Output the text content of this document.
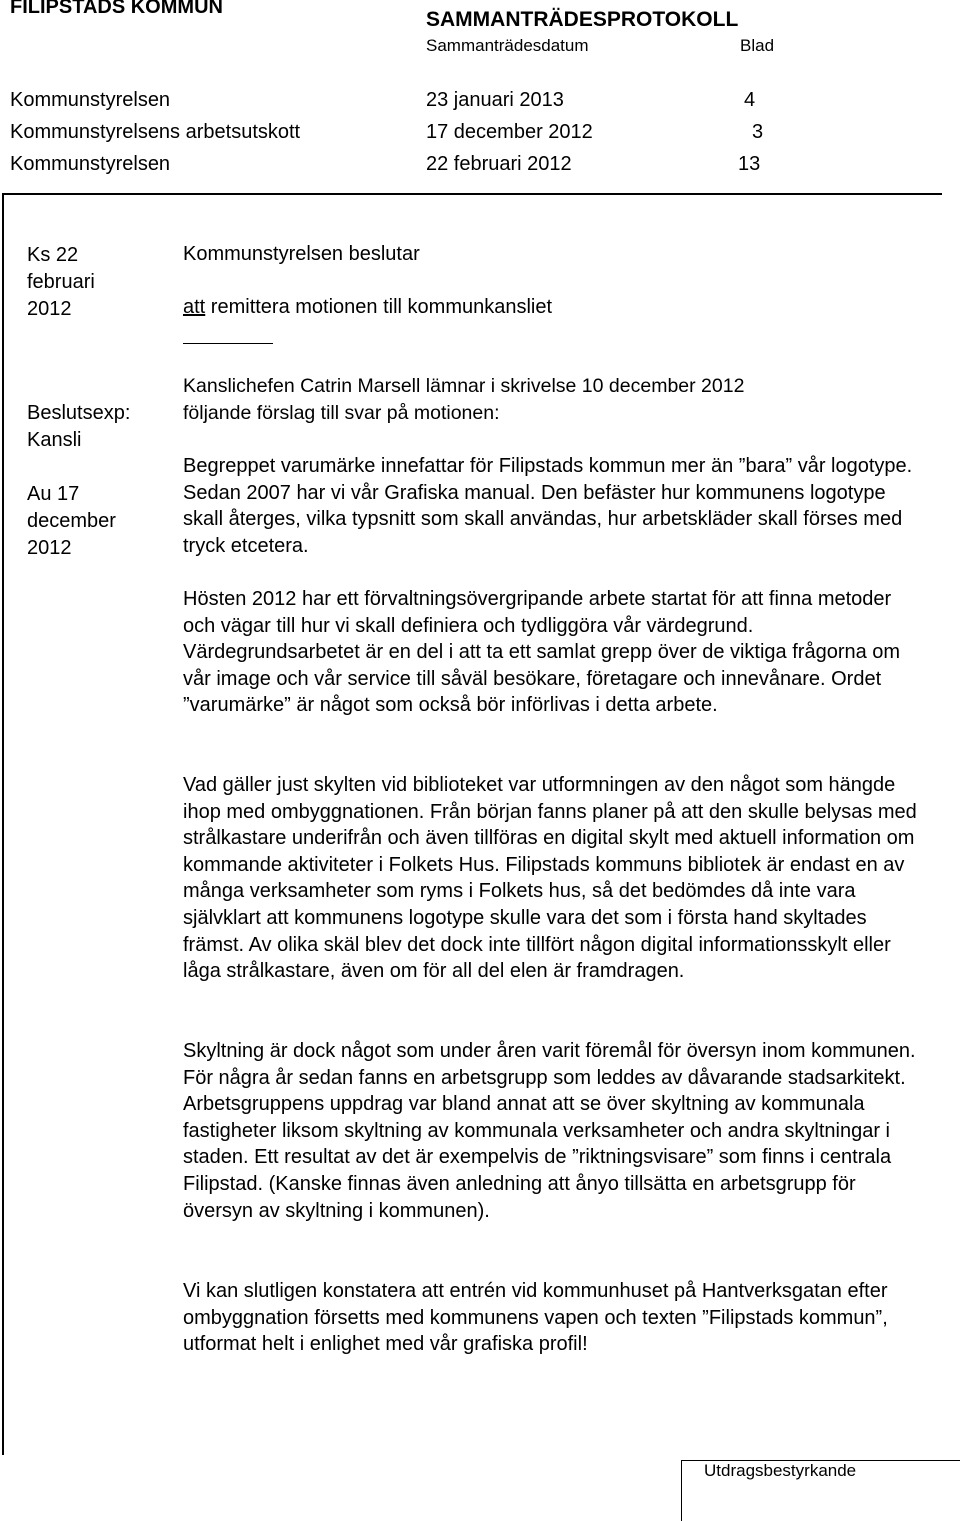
FILIPSTADS KOMMUN
SAMMANTRÄDESPROTOKOLL
Sammanträdesdatum	Blad
Kommunstyrelsen	23 januari 2013	4
Kommunstyrelsens arbetsutskott	17 december 2012	3
Kommunstyrelsen	22 februari 2012	13
Ks 22
februari
2012
Beslutsexp:
Kansli
Au 17
december
2012
Kommunstyrelsen beslutar
att remittera motionen till kommunkansliet
Kanslichefen Catrin Marsell lämnar i skrivelse 10 december 2012
följande förslag till svar på motionen:
Begreppet varumärke innefattar för Filipstads kommun mer än ”bara” vår logotype. Sedan 2007 har vi vår Grafiska manual. Den befäster hur kommunens logotype skall återges, vilka typsnitt som skall användas, hur arbetskläder skall förses med tryck etcetera.
Hösten 2012 har ett förvaltningsövergripande arbete startat för att finna metoder och vägar till hur vi skall definiera och tydliggöra vår värdegrund. Värdegrundsarbetet är en del i att ta ett samlat grepp över de viktiga frågorna om vår image och vår service till såväl besökare, företagare och innevånare. Ordet ”varumärke” är något som också bör införlivas i detta arbete.
Vad gäller just skylten vid biblioteket var utformningen av den något som hängde ihop med ombyggnationen. Från början fanns planer på att den skulle belysas med strålkastare underifrån och även tillföras en digital skylt med aktuell information om kommande aktiviteter i Folkets Hus. Filipstads kommuns bibliotek är endast en av många verksamheter som ryms i Folkets hus, så det bedömdes då inte vara självklart att kommunens logotype skulle vara det som i första hand skyltades främst. Av olika skäl blev det dock inte tillfört någon digital informationsskylt eller låga strålkastare, även om för all del elen är framdragen.
Skyltning är dock något som under åren varit föremål för översyn inom kommunen. För några år sedan fanns en arbetsgrupp som leddes av dåvarande stadsarkitekt. Arbetsgruppens uppdrag var bland annat att se över skyltning av kommunala fastigheter liksom skyltning av kommunala verksamheter och andra skyltningar i staden. Ett resultat av det är exempelvis de ”riktningsvisare” som finns i centrala Filipstad. (Kanske finnas även anledning att ånyo tillsätta en arbetsgrupp för översyn av skyltning i kommunen).
Vi kan slutligen konstatera att entrén vid kommunhuset på Hantverksgatan efter ombyggnation försetts med kommunens vapen och texten ”Filipstads kommun”, utformat helt i enlighet med vår grafiska profil!
Utdragsbestyrkande
